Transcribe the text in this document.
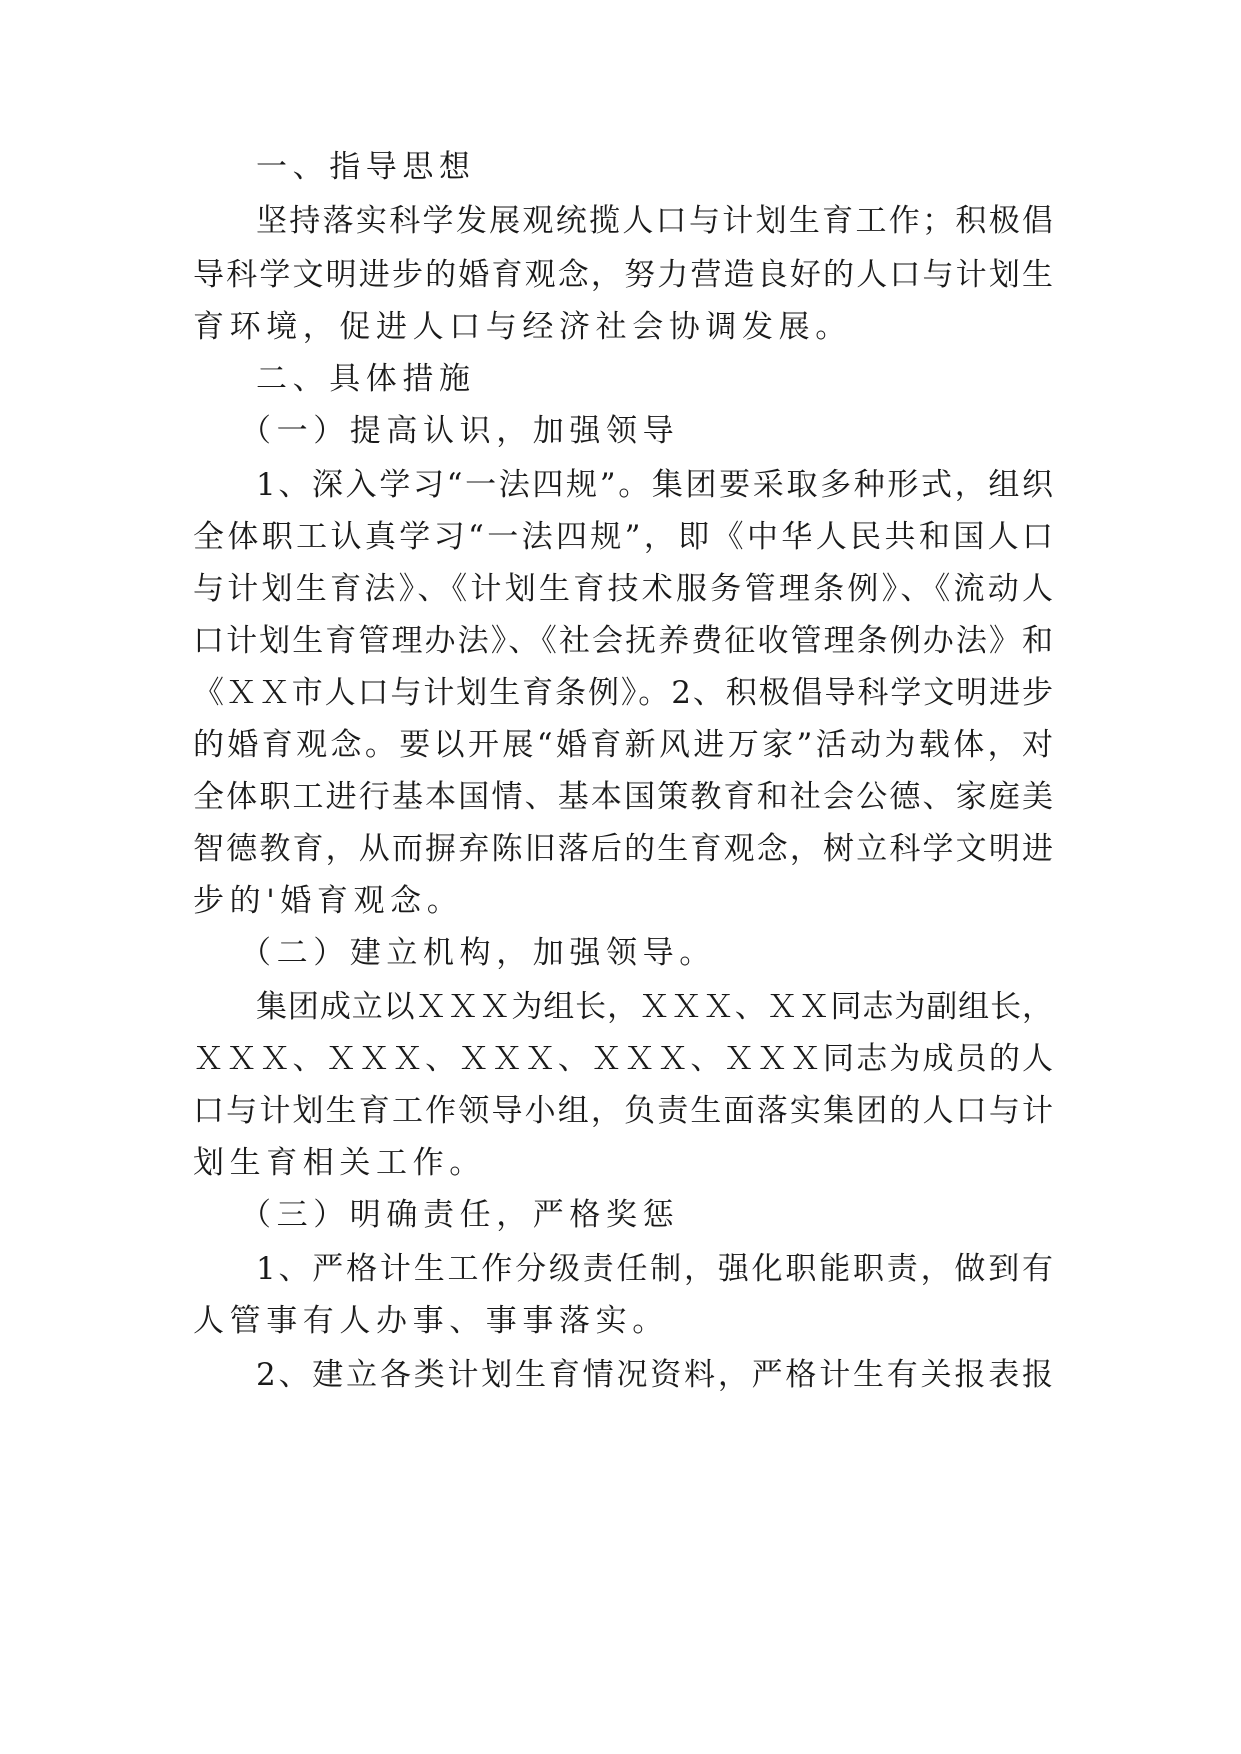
一、指导思想
坚持落实科学发展观统揽人口与计划生育工作；积极倡
导科学文明进步的婚育观念，努力营造良好的人口与计划生
育环境，促进人口与经济社会协调发展。
二、具体措施
（一）提高认识，加强领导
1、深入学习“一法四规”。集团要采取多种形式，组织
全体职工认真学习“一法四规”，即《中华人民共和国人口
与计划生育法》、《计划生育技术服务管理条例》、《流动人
口计划生育管理办法》、《社会抚养费征收管理条例办法》和
《ＸＸ市人口与计划生育条例》。2、积极倡导科学文明进步
的婚育观念。要以开展“婚育新风进万家”活动为载体，对
全体职工进行基本国情、基本国策教育和社会公德、家庭美
智德教育，从而摒弃陈旧落后的生育观念，树立科学文明进
步的'婚育观念。
（二）建立机构，加强领导。
集团成立以ＸＸＸ为组长，ＸＸＸ、ＸＸ同志为副组长，
ＸＸＸ、ＸＸＸ、ＸＸＸ、ＸＸＸ、ＸＸＸ同志为成员的人
口与计划生育工作领导小组，负责生面落实集团的人口与计
划生育相关工作。
（三）明确责任，严格奖惩
1、严格计生工作分级责任制，强化职能职责，做到有
人管事有人办事、事事落实。
2、建立各类计划生育情况资料，严格计生有关报表报
